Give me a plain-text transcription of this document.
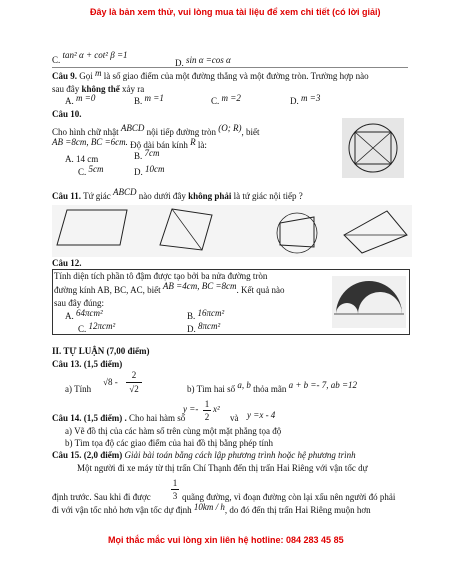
Đây là bản xem thử, vui lòng mua tài liệu để xem chi tiết (có lời giải)
C. tan² α + cot² β =1
D. sin α =cos α
Câu 9. Gọi m là số giao điểm của một đường thẳng và một đường tròn. Trường hợp nào
sau đây không thể xảy ra
A. m =0	B. m =1	C. m =2	D. m =3
Câu 10.
Cho hình chữ nhật ABCD nội tiếp đường tròn (O; R), biết
AB =8cm, BC =6cm. Độ dài bán kính R là:
A. 14 cm	B. 7cm
C. 5cm	D. 10cm
Câu 11. Tứ giác ABCD nào dưới đây không phải là tứ giác nội tiếp ?
Câu 12.
Tính diện tích phần tô đậm được tạo bởi ba nửa đường tròn
đường kính AB, BC, AC, biết AB =4cm, BC =8cm. Kết quả nào
sau đây đúng:
A. 64πcm²	B. 16πcm²
C. 12πcm²	D. 8πcm²
II. TỰ LUẬN (7,00 điểm)
Câu 13. (1,5 điểm)
a) Tính
√8 -
2
√2	b) Tìm hai số a, b thỏa mãn a + b =- 7, ab =12
Câu 14. (1,5 điểm) . Cho hai hàm số
y =- 1
2
x²
và y =x - 4
a) Vẽ đồ thị của các hàm số trên cùng một mặt phẳng tọa độ
b) Tìm tọa độ các giao điểm của hai đồ thị bằng phép tính
Câu 15. (2,0 điểm) Giải bài toán bằng cách lập phương trình hoặc hệ phương trình
Một người đi xe máy từ thị trấn Chí Thạnh đến thị trấn Hai Riêng với vận tốc dự
định trước. Sau khi đi được
1
3 quãng đường, vì đoạn đường còn lại xấu nên người đó phải
đi với vận tốc nhỏ hơn vận tốc dự định 10km / h, do đó đến thị trấn Hai Riêng muộn hơn
Mọi thắc mắc vui lòng xin liên hệ hotline: 084 283 45 85
